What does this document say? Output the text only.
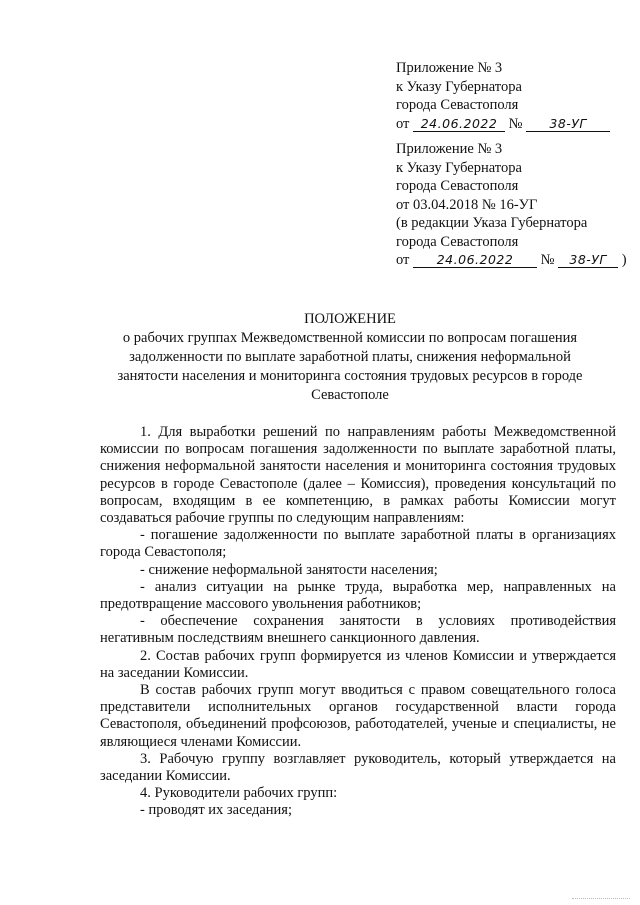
Приложение № 3
к Указу Губернатора
города Севастополя
от 24.06.2022 № 38-УГ
Приложение № 3
к Указу Губернатора
города Севастополя
от 03.04.2018 № 16-УГ
(в редакции Указа Губернатора
города Севастополя
от 24.06.2022 № 38-УГ )
ПОЛОЖЕНИЕ
о рабочих группах Межведомственной комиссии по вопросам погашения задолженности по выплате заработной платы, снижения неформальной занятости населения и мониторинга состояния трудовых ресурсов в городе Севастополе

1. Для выработки решений по направлениям работы Межведомственной комиссии по вопросам погашения задолженности по выплате заработной платы, снижения неформальной занятости населения и мониторинга состояния трудовых ресурсов в городе Севастополе (далее – Комиссия), проведения консультаций по вопросам, входящим в ее компетенцию, в рамках работы Комиссии могут создаваться рабочие группы по следующим направлениям:

- погашение задолженности по выплате заработной платы в организациях города Севастополя;

- снижение неформальной занятости населения;

- анализ ситуации на рынке труда, выработка мер, направленных на предотвращение массового увольнения работников;

- обеспечение сохранения занятости в условиях противодействия негативным последствиям внешнего санкционного давления.

2. Состав рабочих групп формируется из членов Комиссии и утверждается на заседании Комиссии.

В состав рабочих групп могут вводиться с правом совещательного голоса представители исполнительных органов государственной власти города Севастополя, объединений профсоюзов, работодателей, ученые и специалисты, не являющиеся членами Комиссии.

3. Рабочую группу возглавляет руководитель, который утверждается на заседании Комиссии.

4. Руководители рабочих групп:

- проводят их заседания;
